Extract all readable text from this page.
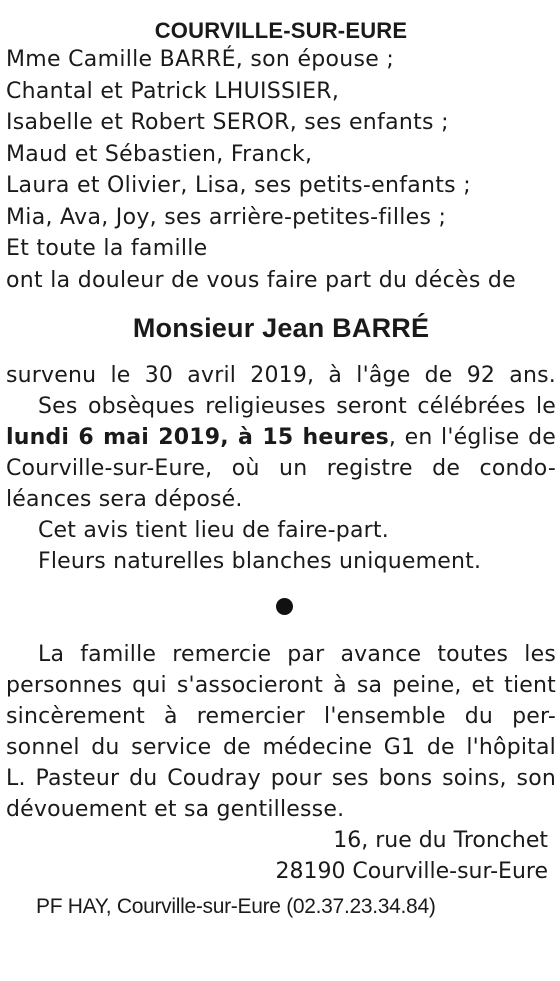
COURVILLE-SUR-EURE
Mme Camille BARRÉ, son épouse ;
Chantal et Patrick LHUISSIER,
Isabelle et Robert SEROR, ses enfants ;
Maud et Sébastien, Franck,
Laura et Olivier, Lisa, ses petits-enfants ;
Mia, Ava, Joy, ses arrière-petites-filles ;
Et toute la famille
ont la douleur de vous faire part du décès de
Monsieur Jean BARRÉ
survenu le 30 avril 2019, à l'âge de 92 ans.
Ses obsèques religieuses seront célébrées le
lundi 6 mai 2019, à 15 heures, en l'église de
Courville-sur-Eure, où un registre de condo-
léances sera déposé.
Cet avis tient lieu de faire-part.
Fleurs naturelles blanches uniquement.
La famille remercie par avance toutes les
personnes qui s'associeront à sa peine, et tient
sincèrement à remercier l'ensemble du per-
sonnel du service de médecine G1 de l'hôpital
L. Pasteur du Coudray pour ses bons soins, son
dévouement et sa gentillesse.
16, rue du Tronchet
28190 Courville-sur-Eure
PF HAY, Courville-sur-Eure (02.37.23.34.84)
